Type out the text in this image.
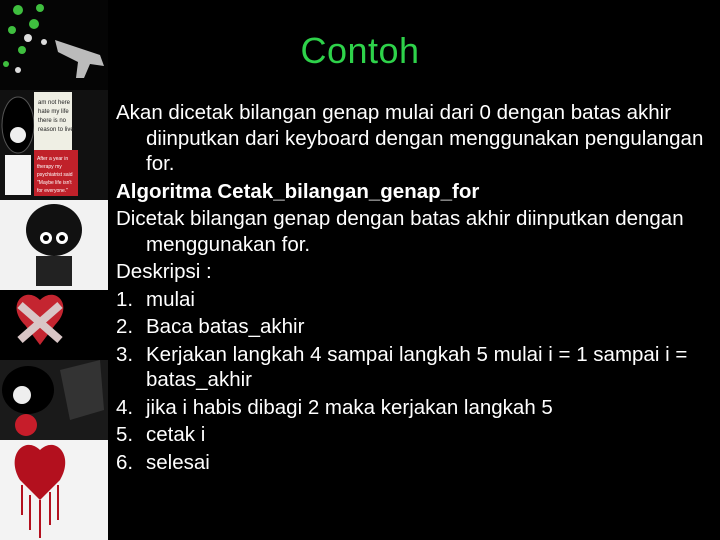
am not here
hate my life
there is no
reason to live
After a year in
therapy my
psychiatrist said
"Maybe life isn't
for everyone."
Contoh

Akan dicetak bilangan genap mulai dari 0 dengan batas akhir diinputkan dari keyboard dengan menggunakan pengulangan for.

Algoritma Cetak_bilangan_genap_for

Dicetak bilangan genap dengan batas akhir diinputkan dengan menggunakan for.

Deskripsi :

1. mulai
2. Baca batas_akhir
3. Kerjakan langkah 4 sampai langkah 5 mulai i = 1 sampai i = batas_akhir
4. jika i habis dibagi 2 maka kerjakan langkah 5
5. cetak i
6. selesai
